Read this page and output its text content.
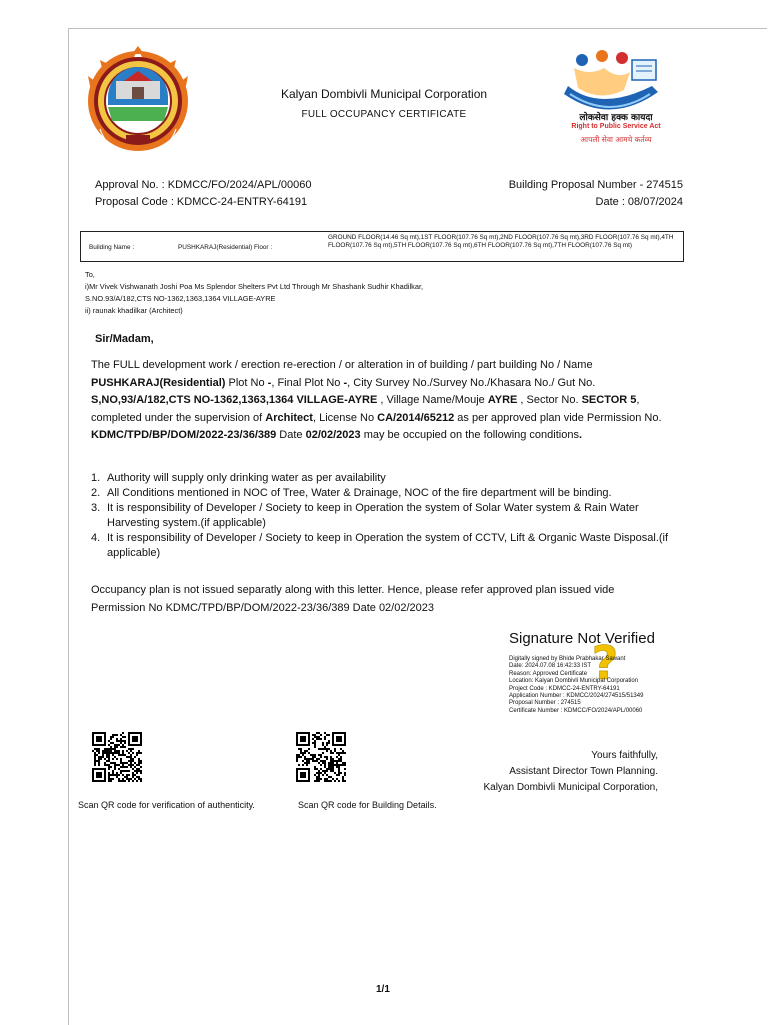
लोकसेवा हक्क कायदा
Right to Public Service Act
आपली सेवा आमचे कर्तव्य
Kalyan Dombivli Municipal Corporation
FULL OCCUPANCY CERTIFICATE
Approval No. : KDMCC/FO/2024/APL/00060
Proposal Code : KDMCC-24-ENTRY-64191
Building Proposal Number - 274515
Date : 08/07/2024
Building Name :	PUSHKARAJ(Residential) Floor :
GROUND FLOOR(14.46 Sq mt),1ST FLOOR(107.76 Sq mt),2ND FLOOR(107.76 Sq mt),3RD FLOOR(107.76 Sq mt),4TH FLOOR(107.76 Sq mt),5TH FLOOR(107.76 Sq mt),6TH FLOOR(107.76 Sq mt),7TH FLOOR(107.76 Sq mt)
To,
i)Mr Vivek Vishwanath Joshi Poa Ms Splendor Shelters Pvt Ltd Through Mr Shashank Sudhir Khadilkar,
S.NO.93/A/182,CTS NO-1362,1363,1364 VILLAGE-AYRE
ii) raunak khadilkar (Architect)
Sir/Madam,
The FULL development work / erection re-erection / or alteration in of building / part building No / Name
PUSHKARAJ(Residential) Plot No -, Final Plot No -, City Survey No./Survey No./Khasara No./ Gut No.
S,NO,93/A/182,CTS NO-1362,1363,1364 VILLAGE-AYRE , Village Name/Mouje AYRE , Sector No. SECTOR 5, completed under the supervision of Architect, License No CA/2014/65212 as per approved plan vide Permission No. KDMC/TPD/BP/DOM/2022-23/36/389 Date 02/02/2023 may be occupied on the following conditions.
1. Authority will supply only drinking water as per availability
2. All Conditions mentioned in NOC of Tree, Water & Drainage, NOC of the fire department will be binding.
3. It is responsibility of Developer / Society to keep in Operation the system of Solar Water system & Rain Water Harvesting system.(if applicable)
4. It is responsibility of Developer / Society to keep in Operation the system of CCTV, Lift & Organic Waste Disposal.(if applicable)
Occupancy plan is not issued separatly along with this letter. Hence, please refer approved plan issued vide Permission No KDMC/TPD/BP/DOM/2022-23/36/389 Date 02/02/2023
Signature Not Verified
?
Digitally signed by Bhide Prabhakar Sawant
Date: 2024.07.08 16:42:33 IST
Reason: Approved Certificate
Location: Kalyan Dombivli Municipal Corporation
Project Code : KDMCC-24-ENTRY-64191
Application Number : KDMCC/2024/274515/51349
Proposal Number : 274515
Certificate Number : KDMCC/FO/2024/APL/00060
Scan QR code for verification of authenticity.	Scan QR code for Building Details.
Yours faithfully,
Assistant Director Town Planning.
Kalyan Dombivli Municipal Corporation,
1/1
